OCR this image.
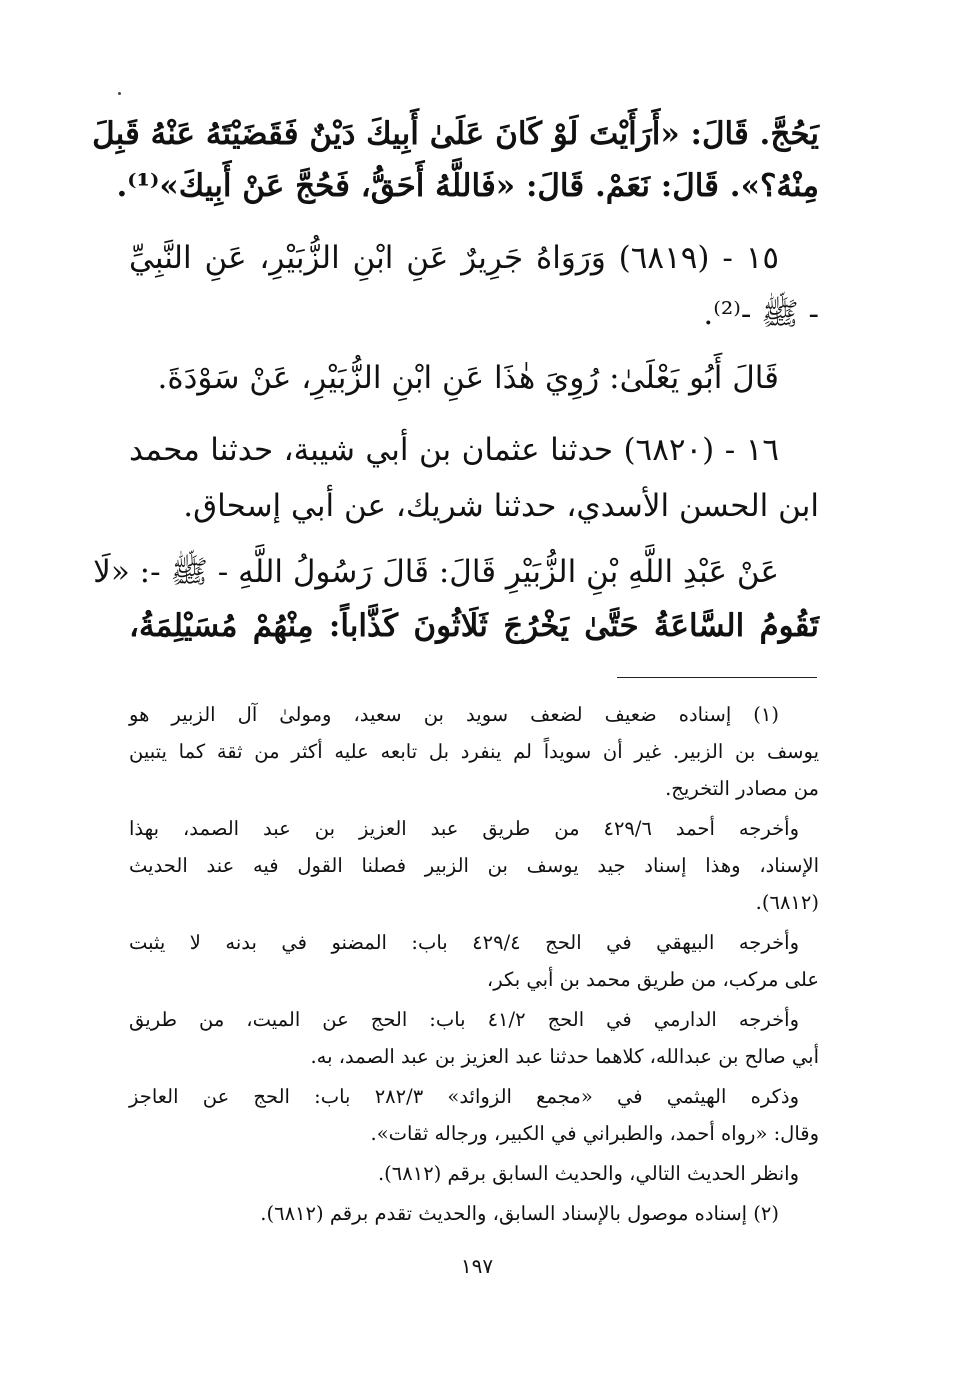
يَحُجَّ. قَالَ: «أَرَأَيْتَ لَوْ كَانَ عَلَىٰ أَبِيكَ دَيْنٌ فَقَضَيْتَهُ عَنْهُ قَبِلَ
مِنْهُ؟». قَالَ: نَعَمْ. قَالَ: «فَاللَّهُ أَحَقُّ، فَحُجَّ عَنْ أَبِيكَ»⁽¹⁾.
١٥ - (٦٨١٩) وَرَوَاهُ جَرِيرٌ عَنِ ابْنِ الزُّبَيْرِ، عَنِ النَّبِيِّ
- ﷺ -⁽²⁾.
قَالَ أَبُو يَعْلَىٰ: رُوِيَ هٰذَا عَنِ ابْنِ الزُّبَيْرِ، عَنْ سَوْدَةَ.
١٦ - (٦٨٢٠) حدثنا عثمان بن أبي شيبة، حدثنا محمد
ابن الحسن الأسدي، حدثنا شريك، عن أبي إسحاق.
عَنْ عَبْدِ اللَّهِ بْنِ الزُّبَيْرِ قَالَ: قَالَ رَسُولُ اللَّهِ - ﷺ -: «لَا
تَقُومُ السَّاعَةُ حَتَّىٰ يَخْرُجَ ثَلَاثُونَ كَذَّاباً: مِنْهُمْ مُسَيْلِمَةُ،
(١) إسناده ضعيف لضعف سويد بن سعيد، ومولىٰ آل الزبير هو
يوسف بن الزبير. غير أن سويداً لم ينفرد بل تابعه عليه أكثر من ثقة كما يتبين
من مصادر التخريج.
وأخرجه أحمد ٤٢٩/٦ من طريق عبد العزيز بن عبد الصمد، بهذا
الإسناد، وهذا إسناد جيد يوسف بن الزبير فصلنا القول فيه عند الحديث
(٦٨١٢).
وأخرجه البيهقي في الحج ٤٢٩/٤ باب: المضنو في بدنه لا يثبت
على مركب، من طريق محمد بن أبي بكر،
وأخرجه الدارمي في الحج ٤١/٢ باب: الحج عن الميت، من طريق
أبي صالح بن عبدالله، كلاهما حدثنا عبد العزيز بن عبد الصمد، به.
وذكره الهيثمي في «مجمع الزوائد» ٢٨٢/٣ باب: الحج عن العاجز
وقال: «رواه أحمد، والطبراني في الكبير، ورجاله ثقات».
وانظر الحديث التالي، والحديث السابق برقم (٦٨١٢).
(٢) إسناده موصول بالإسناد السابق، والحديث تقدم برقم (٦٨١٢).
١٩٧
